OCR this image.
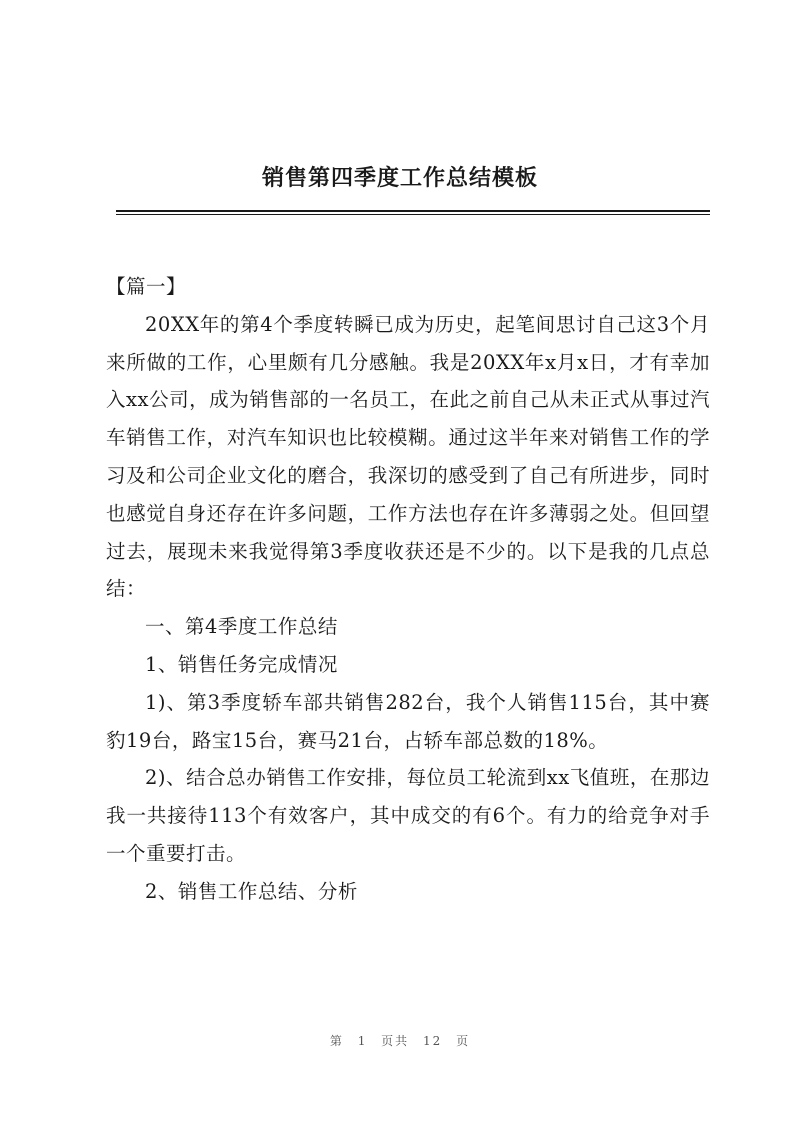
销售第四季度工作总结模板

【篇一】

20XX年的第4个季度转瞬已成为历史，起笔间思讨自己这3个月来所做的工作，心里颇有几分感触。我是20XX年x月x日，才有幸加入xx公司，成为销售部的一名员工，在此之前自己从未正式从事过汽车销售工作，对汽车知识也比较模糊。通过这半年来对销售工作的学习及和公司企业文化的磨合，我深切的感受到了自己有所进步，同时也感觉自身还存在许多问题，工作方法也存在许多薄弱之处。但回望过去，展现未来我觉得第3季度收获还是不少的。以下是我的几点总结：

一、第4季度工作总结

1、销售任务完成情况

1)、第3季度轿车部共销售282台，我个人销售115台，其中赛豹19台，路宝15台，赛马21台，占轿车部总数的18%。

2)、结合总办销售工作安排，每位员工轮流到xx飞值班，在那边我一共接待113个有效客户，其中成交的有6个。有力的给竞争对手一个重要打击。

2、销售工作总结、分析

第 1 页共 12 页
